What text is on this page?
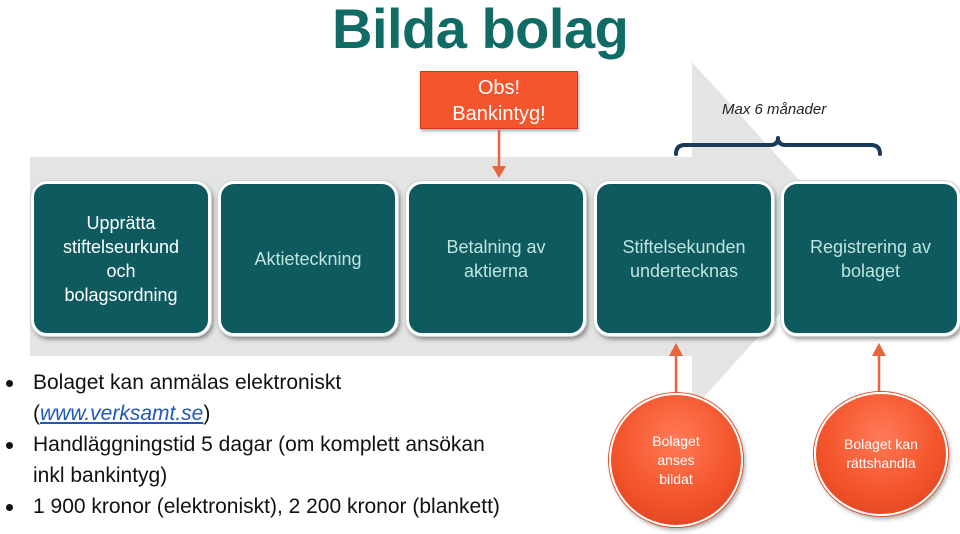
Bilda bolag
Obs!
Bankintyg!	Max 6 månader
Upprätta
stiftelseurkund
och
bolagsordning
Aktieteckning
Betalning av
aktierna
Stiftelsekunden
undertecknas
Registrering av
bolaget
Bolaget kan anmälas elektroniskt
(www.verksamt.se)
Handläggningstid 5 dagar (om komplett ansökan
inkl bankintyg)
1 900 kronor (elektroniskt), 2 200 kronor (blankett)
Bolaget
anses
bildat
Bolaget kan
rättshandla
